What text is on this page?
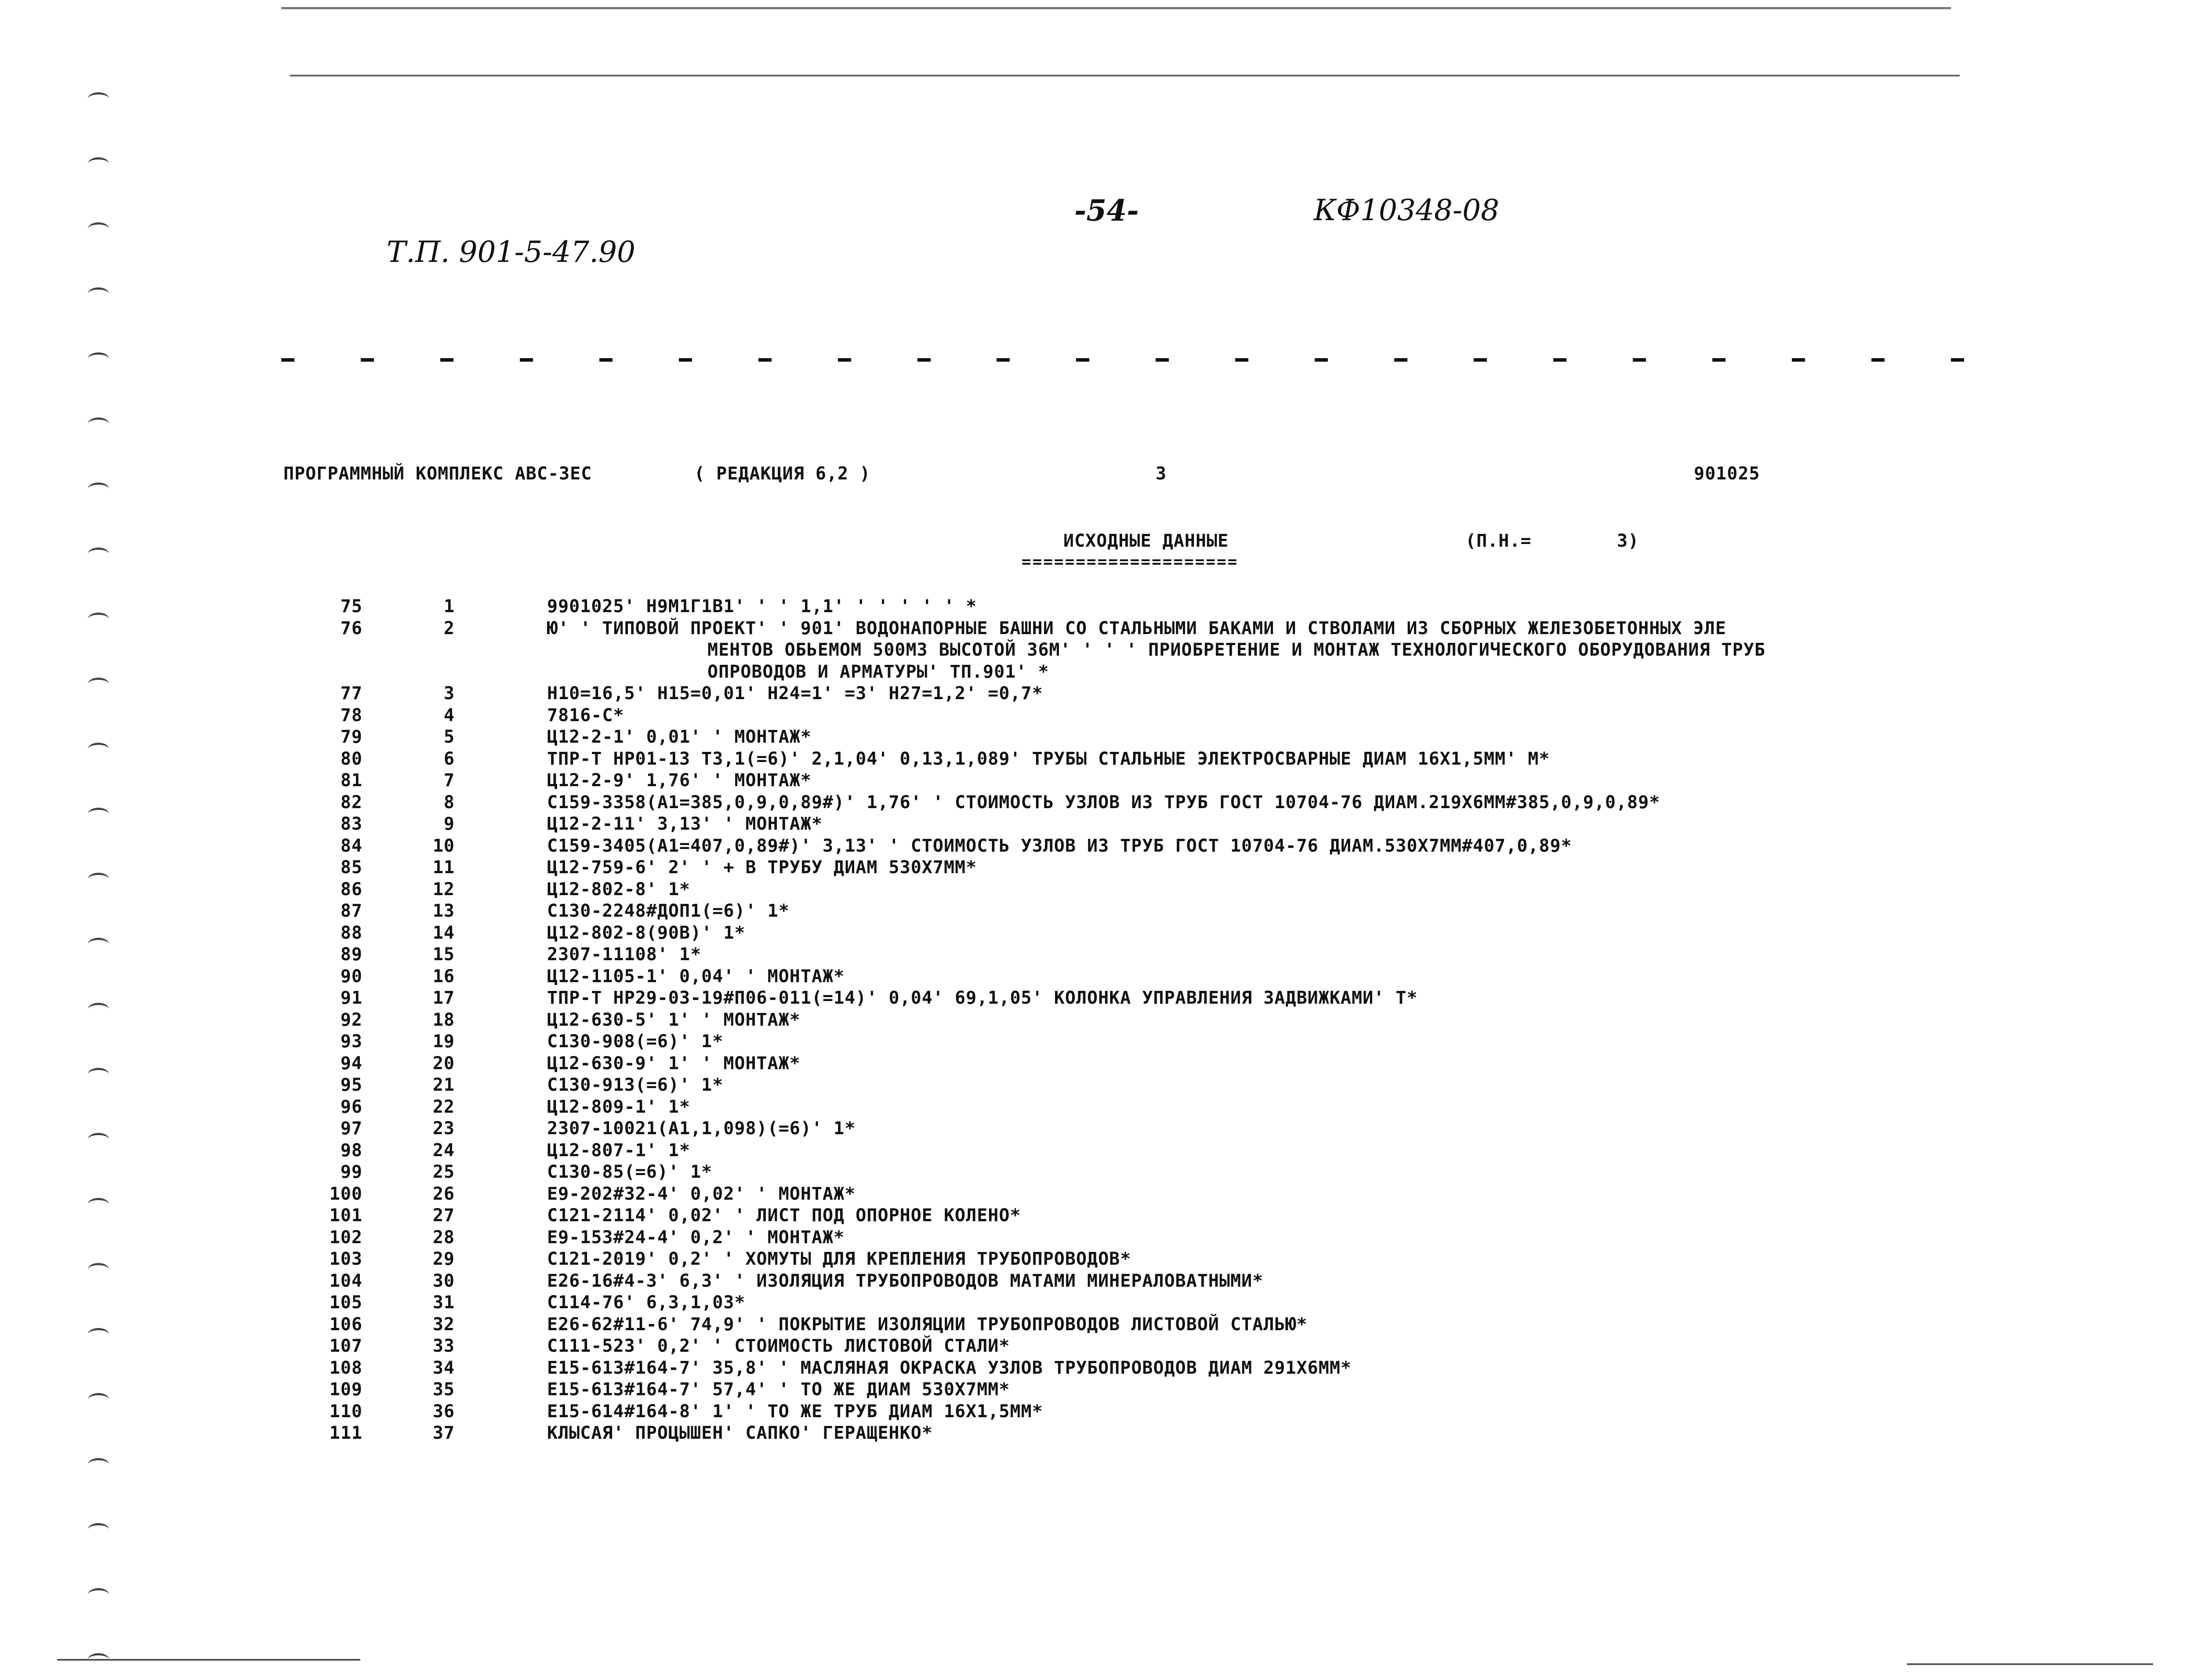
-54-	КФ10348-08
Т.П. 901-5-47.90
ПРОГРАММНЫЙ КОМПЛЕКС АВС-ЗЕС	( РЕДАКЦИЯ 6,2 )	3	901025
ИСХОДНЫЕ ДАННЫЕ
====================
(П.Н.=	3)
75	1	9901025' Н9М1Г1В1' ' ' 1,1' ' ' ' ' ' *
76	2	Ю' ' ТИПОВОЙ ПРОЕКТ' ' 901' ВОДОНАПОРНЫЕ БАШНИ СО СТАЛЬНЫМИ БАКАМИ И СТВОЛАМИ ИЗ СБОРНЫХ ЖЕЛЕЗОБЕТОННЫХ ЭЛЕ
МЕНТОВ ОБЬЕМОМ 500М3 ВЫСОТОЙ 36М' ' ' ' ПРИОБРЕТЕНИЕ И МОНТАЖ ТЕХНОЛОГИЧЕСКОГО ОБОРУДОВАНИЯ ТРУБ
ОПРОВОДОВ И АРМАТУРЫ' ТП.901' *
77	3	Н10=16,5' Н15=0,01' Н24=1' =3' Н27=1,2' =0,7*
78	4	7816-С*
79	5	Ц12-2-1' 0,01' ' МОНТАЖ*
80	6	ТПР-Т НР01-13 Т3,1(=6)' 2,1,04' 0,13,1,089' ТРУБЫ СТАЛЬНЫЕ ЭЛЕКТРОСВАРНЫЕ ДИАМ 16Х1,5ММ' М*
81	7	Ц12-2-9' 1,76' ' МОНТАЖ*
82	8	С159-3358(А1=385,0,9,0,89#)' 1,76' ' СТОИМОСТЬ УЗЛОВ ИЗ ТРУБ ГОСТ 10704-76 ДИАМ.219Х6ММ#385,0,9,0,89*
83	9	Ц12-2-11' 3,13' ' МОНТАЖ*
84	10	С159-3405(А1=407,0,89#)' 3,13' ' СТОИМОСТЬ УЗЛОВ ИЗ ТРУБ ГОСТ 10704-76 ДИАМ.530Х7ММ#407,0,89*
85	11	Ц12-759-6' 2' ' + В ТРУБУ ДИАМ 530Х7ММ*
86	12	Ц12-802-8' 1*
87	13	С130-2248#ДОП1(=6)' 1*
88	14	Ц12-802-8(90В)' 1*
89	15	2307-11108' 1*
90	16	Ц12-1105-1' 0,04' ' МОНТАЖ*
91	17	ТПР-Т НР29-03-19#П06-011(=14)' 0,04' 69,1,05' КОЛОНКА УПРАВЛЕНИЯ ЗАДВИЖКАМИ' Т*
92	18	Ц12-630-5' 1' ' МОНТАЖ*
93	19	С130-908(=6)' 1*
94	20	Ц12-630-9' 1' ' МОНТАЖ*
95	21	С130-913(=6)' 1*
96	22	Ц12-809-1' 1*
97	23	2307-10021(А1,1,098)(=6)' 1*
98	24	Ц12-807-1' 1*
99	25	С130-85(=6)' 1*
100	26	Е9-202#32-4' 0,02' ' МОНТАЖ*
101	27	С121-2114' 0,02' ' ЛИСТ ПОД ОПОРНОЕ КОЛЕНО*
102	28	Е9-153#24-4' 0,2' ' МОНТАЖ*
103	29	С121-2019' 0,2' ' ХОМУТЫ ДЛЯ КРЕПЛЕНИЯ ТРУБОПРОВОДОВ*
104	30	Е26-16#4-3' 6,3' ' ИЗОЛЯЦИЯ ТРУБОПРОВОДОВ МАТАМИ МИНЕРАЛОВАТНЫМИ*
105	31	С114-76' 6,3,1,03*
106	32	Е26-62#11-6' 74,9' ' ПОКРЫТИЕ ИЗОЛЯЦИИ ТРУБОПРОВОДОВ ЛИСТОВОЙ СТАЛЬЮ*
107	33	С111-523' 0,2' ' СТОИМОСТЬ ЛИСТОВОЙ СТАЛИ*
108	34	Е15-613#164-7' 35,8' ' МАСЛЯНАЯ ОКРАСКА УЗЛОВ ТРУБОПРОВОДОВ ДИАМ 291Х6ММ*
109	35	Е15-613#164-7' 57,4' ' ТО ЖЕ ДИАМ 530Х7ММ*
110	36	Е15-614#164-8' 1' ' ТО ЖЕ ТРУБ ДИАМ 16Х1,5ММ*
111	37	КЛЫСАЯ' ПРОЦЫШЕН' САПКО' ГЕРАЩЕНКО*
